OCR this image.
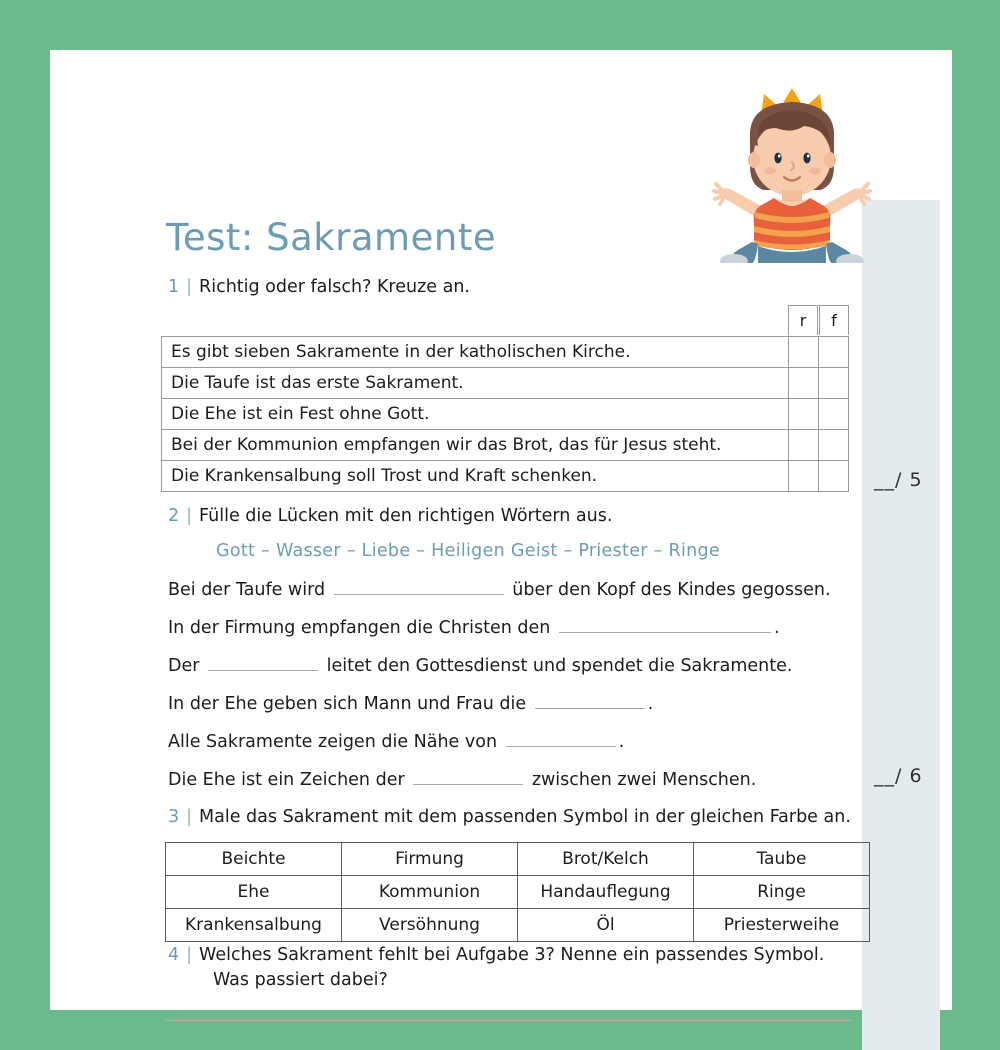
__/ 5
__/ 6
Test: Sakramente
1 | Richtig oder falsch? Kreuze an.
r	f
Es gibt sieben Sakramente in der katholischen Kirche.		
Die Taufe ist das erste Sakrament.		
Die Ehe ist ein Fest ohne Gott.		
Bei der Kommunion empfangen wir das Brot, das für Jesus steht.		
Die Krankensalbung soll Trost und Kraft schenken.		
2 | Fülle die Lücken mit den richtigen Wörtern aus.
Gott – Wasser – Liebe – Heiligen Geist – Priester – Ringe
Bei der Taufe wird	über den Kopf des Kindes gegossen.
In der Firmung empfangen die Christen den	.
Der	leitet den Gottesdienst und spendet die Sakramente.
In der Ehe geben sich Mann und Frau die	.
Alle Sakramente zeigen die Nähe von	.
Die Ehe ist ein Zeichen der	zwischen zwei Menschen.
3 | Male das Sakrament mit dem passenden Symbol in der gleichen Farbe an.
Beichte	Firmung	Brot/Kelch	Taube
Ehe	Kommunion	Handauflegung	Ringe
Krankensalbung	Versöhnung	Öl	Priesterweihe
4 | Welches Sakrament fehlt bei Aufgabe 3? Nenne ein passendes Symbol.
Was passiert dabei?
